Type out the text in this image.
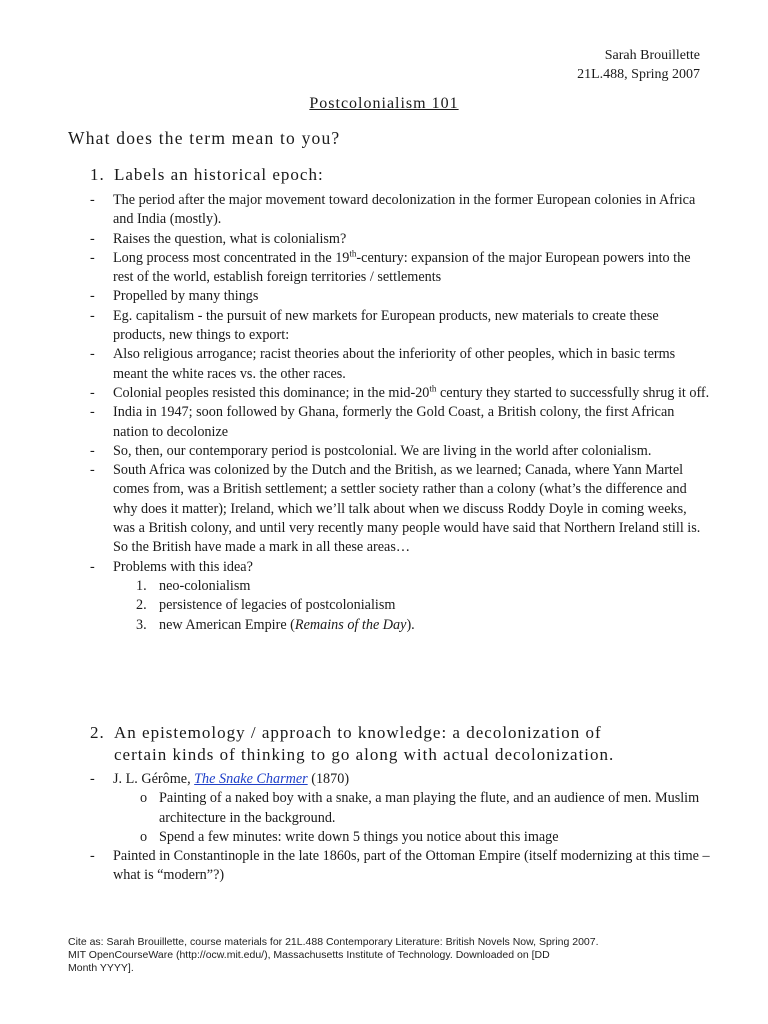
Sarah Brouillette
21L.488, Spring 2007
Postcolonialism 101
What does the term mean to you?
1. Labels an historical epoch:
- The period after the major movement toward decolonization in the former European colonies in Africa and India (mostly).
- Raises the question, what is colonialism?
- Long process most concentrated in the 19th-century: expansion of the major European powers into the rest of the world, establish foreign territories / settlements
- Propelled by many things
- Eg. capitalism - the pursuit of new markets for European products, new materials to create these products, new things to export:
- Also religious arrogance; racist theories about the inferiority of other peoples, which in basic terms meant the white races vs. the other races.
- Colonial peoples resisted this dominance; in the mid-20th century they started to successfully shrug it off.
- India in 1947; soon followed by Ghana, formerly the Gold Coast, a British colony, the first African nation to decolonize
- So, then, our contemporary period is postcolonial. We are living in the world after colonialism.
- South Africa was colonized by the Dutch and the British, as we learned; Canada, where Yann Martel comes from, was a British settlement; a settler society rather than a colony (what’s the difference and why does it matter); Ireland, which we’ll talk about when we discuss Roddy Doyle in coming weeks, was a British colony, and until very recently many people would have said that Northern Ireland still is. So the British have made a mark in all these areas…
- Problems with this idea?
1. neo-colonialism
2. persistence of legacies of postcolonialism
3. new American Empire (Remains of the Day).
2. An epistemology / approach to knowledge: a decolonization of
certain kinds of thinking to go along with actual decolonization.
- J. L. Gérôme, The Snake Charmer (1870)
o Painting of a naked boy with a snake, a man playing the flute, and an audience of men. Muslim architecture in the background.
o Spend a few minutes: write down 5 things you notice about this image
- Painted in Constantinople in the late 1860s, part of the Ottoman Empire (itself modernizing at this time – what is “modern”?)
Cite as: Sarah Brouillette, course materials for 21L.488 Contemporary Literature: British Novels Now, Spring 2007.
MIT OpenCourseWare (http://ocw.mit.edu/), Massachusetts Institute of Technology. Downloaded on [DD
Month YYYY].
